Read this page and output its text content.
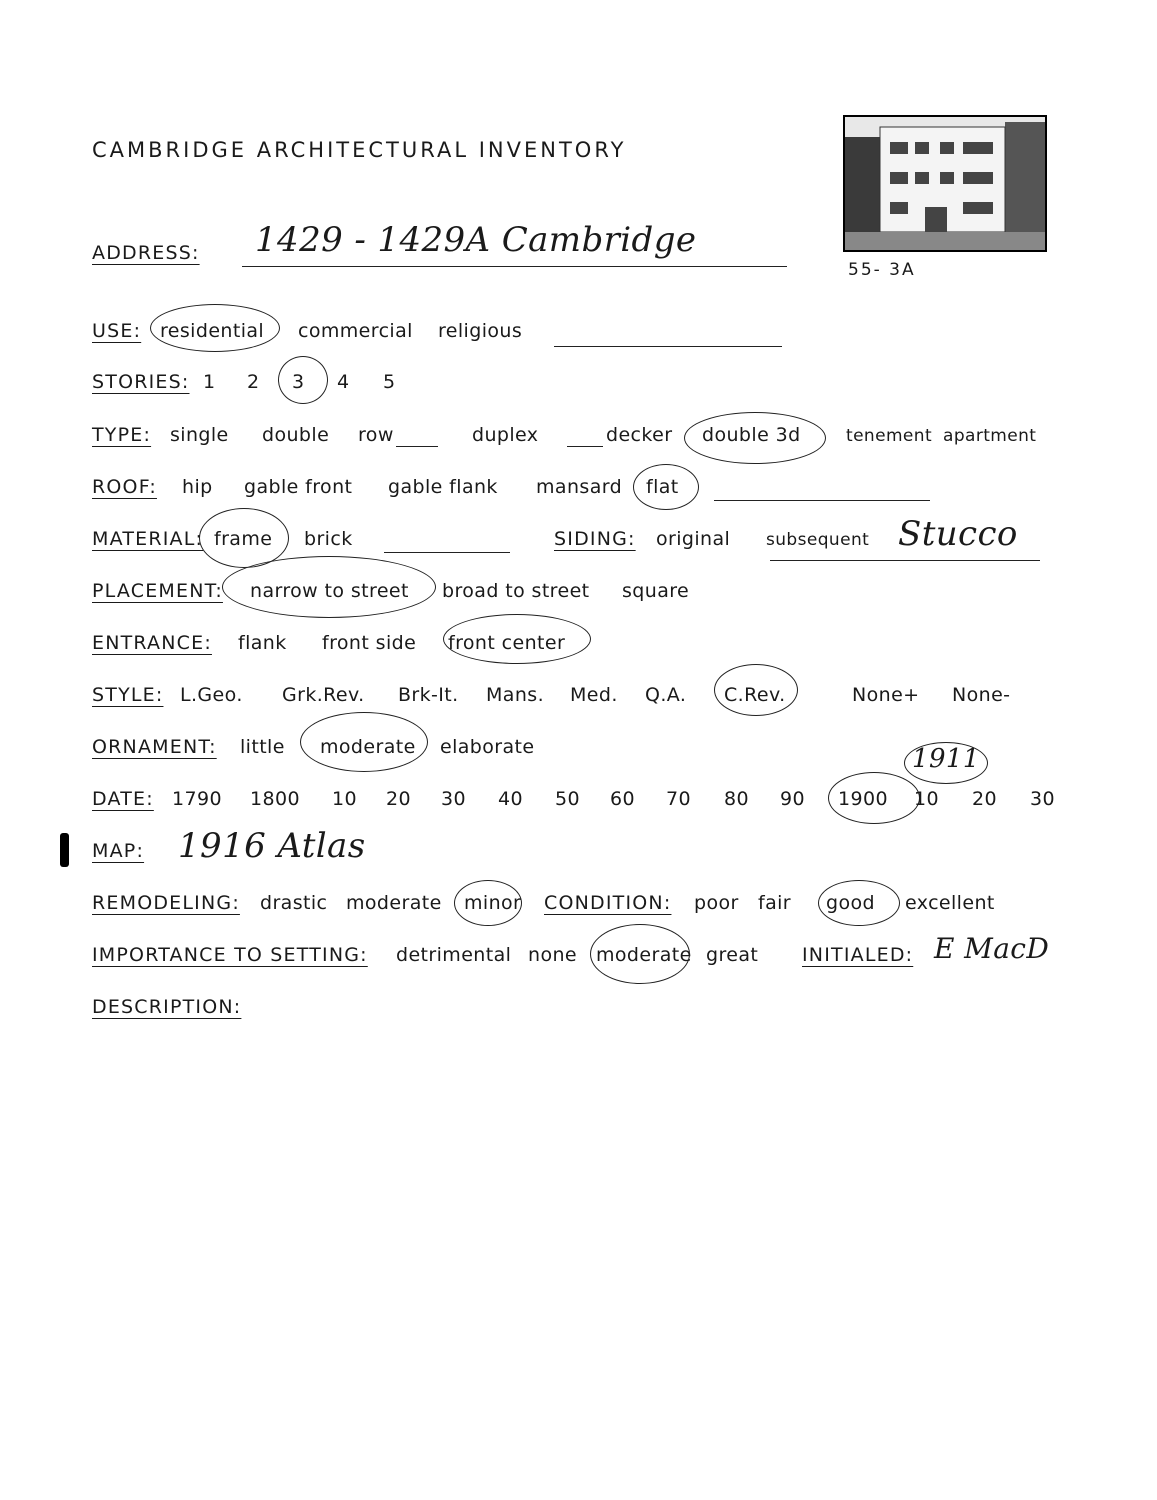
CAMBRIDGE ARCHITECTURAL INVENTORY
55- 3A
ADDRESS: 1429 - 1429A Cambridge
USE: residential commercial religious
STORIES: 1 2 3 4 5
TYPE: single double row	duplex	decker double 3d	tenement apartment
ROOF: hip gable front gable flank mansard flat
MATERIAL: frame brick	SIDING: original subsequent Stucco
PLACEMENT: narrow to street broad to street square
ENTRANCE: flank front side front center
STYLE: L.Geo. Grk.Rev. Brk-It. Mans. Med. Q.A. C.Rev.	None+ None-
ORNAMENT: little moderate elaborate
DATE: 1790 1800 10 20 30 40 50 60 70 80 90 1900 10 20 30
1911
MAP: 1916 Atlas
REMODELING: drastic moderate minor CONDITION: poor fair good excellent
IMPORTANCE TO SETTING: detrimental none moderate great INITIALED: E MacD
DESCRIPTION:
